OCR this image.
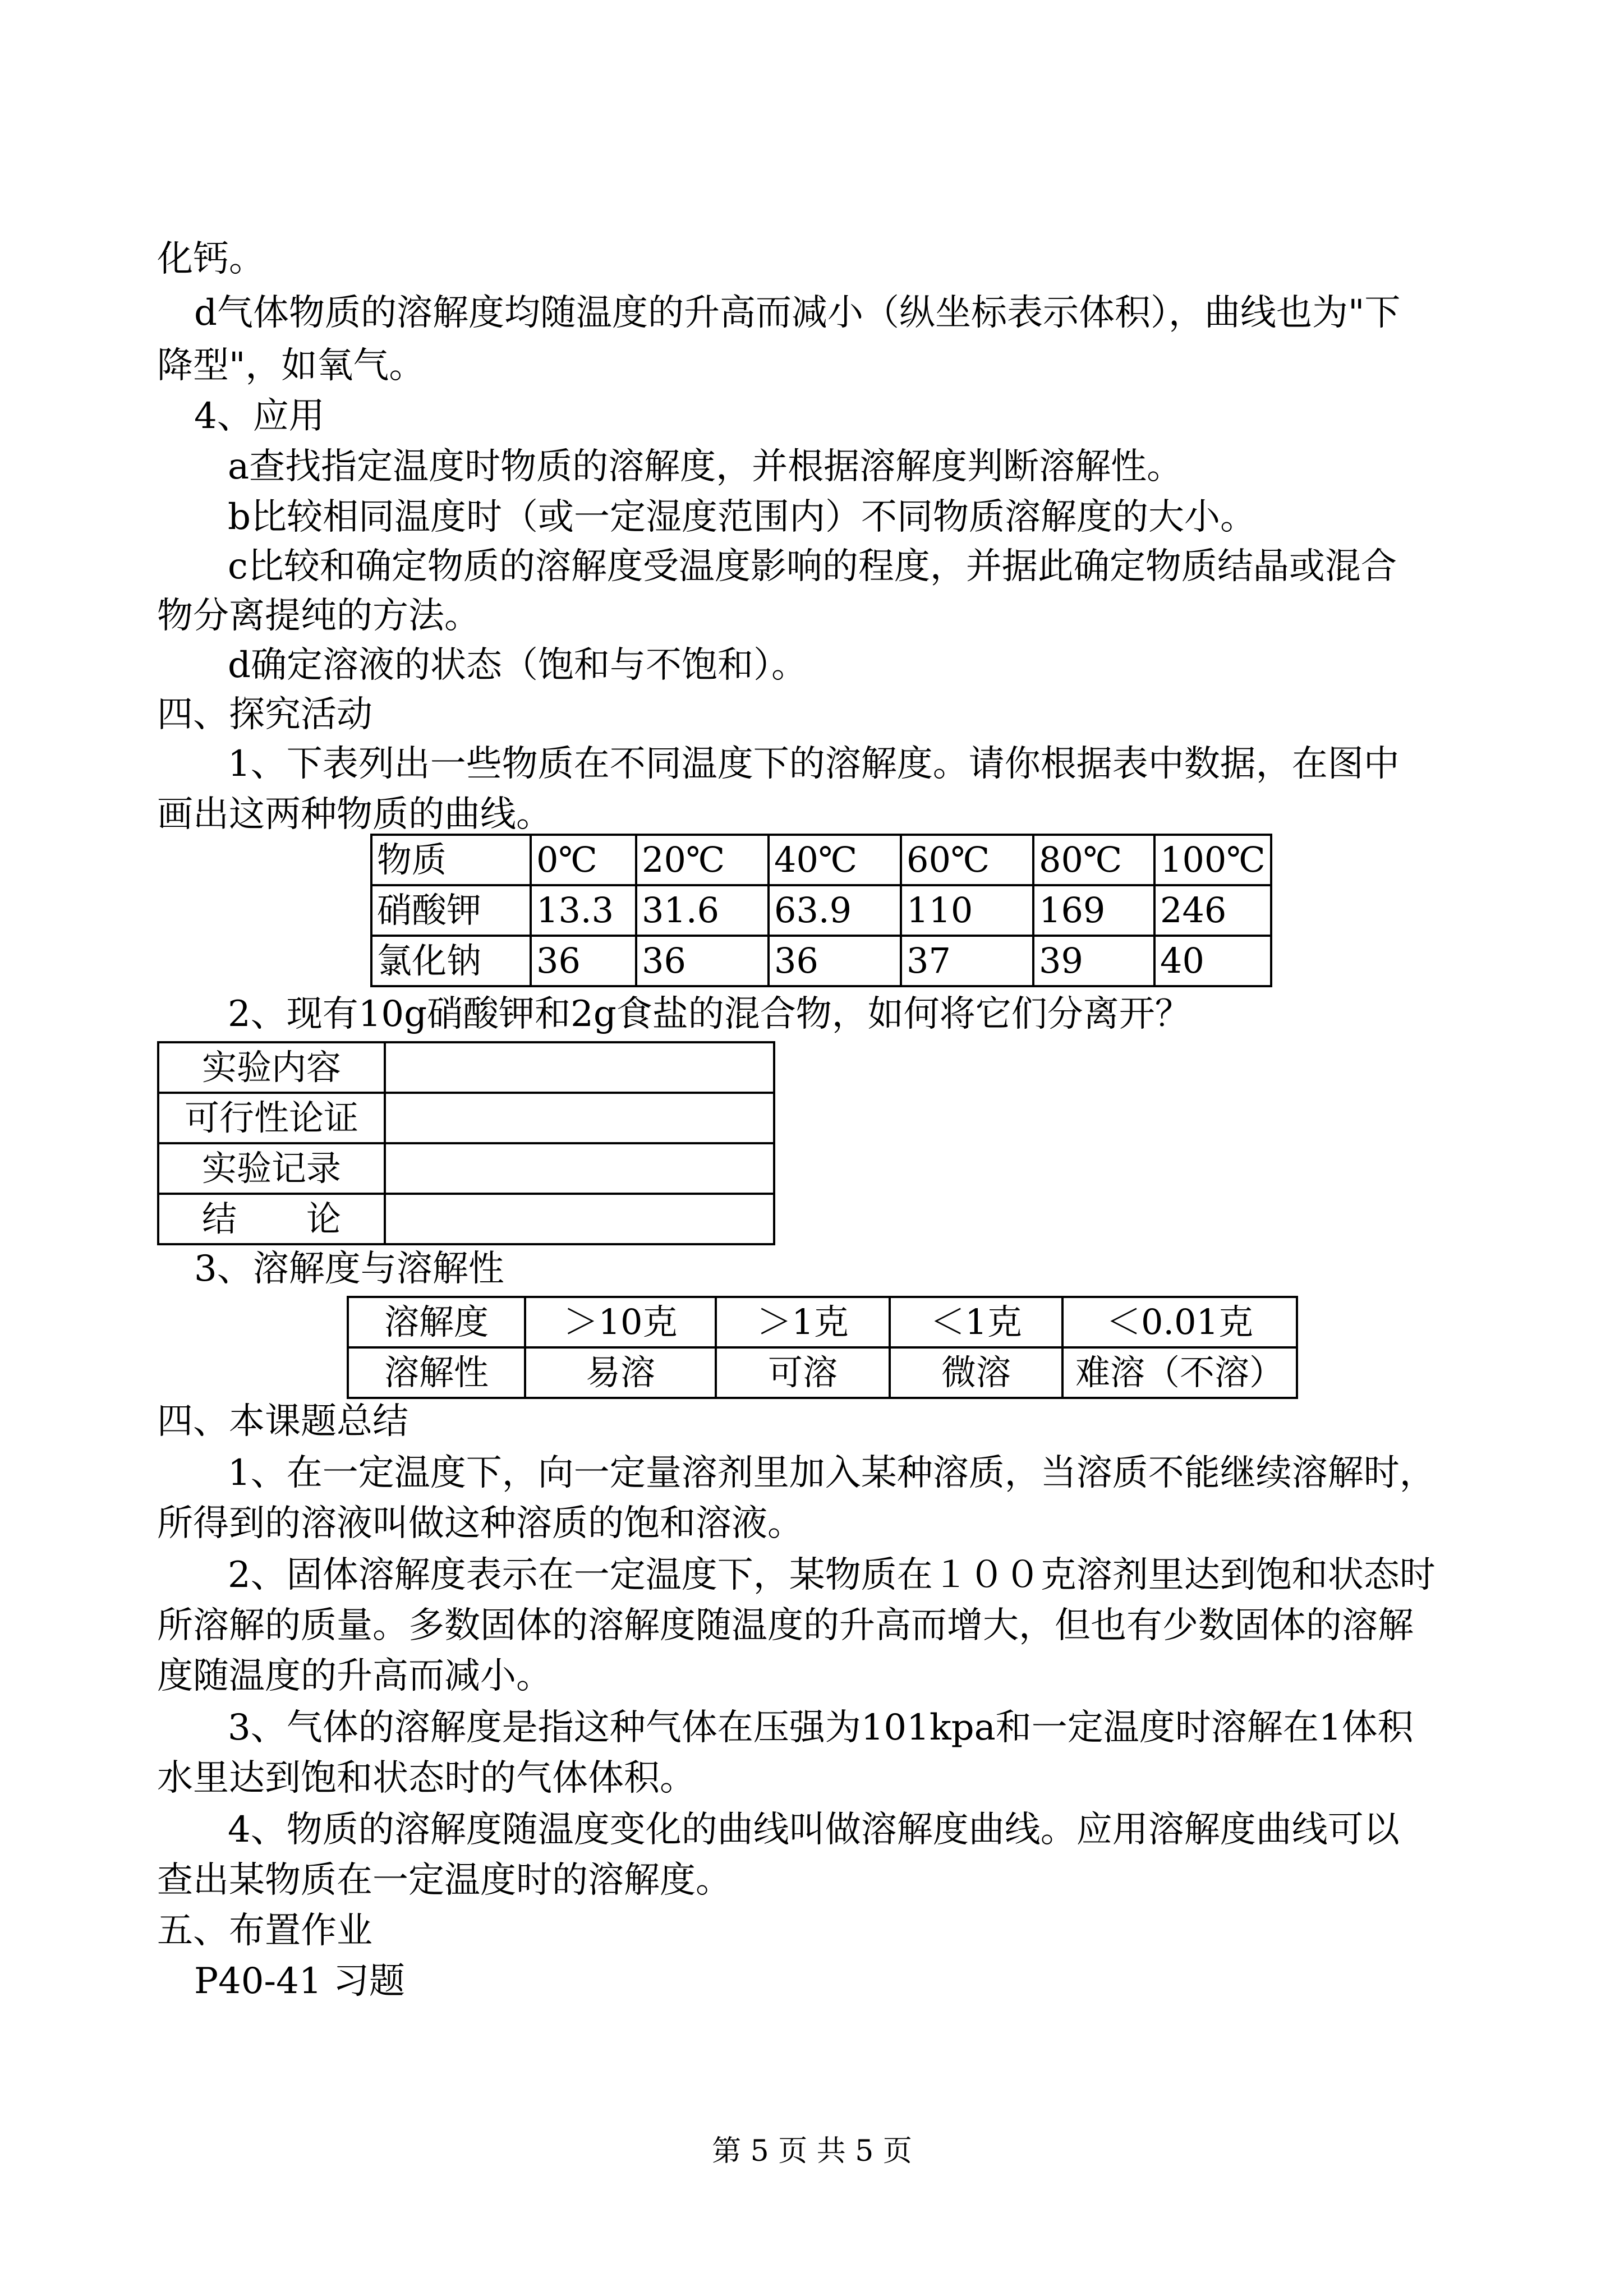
化钙。
d气体物质的溶解度均随温度的升高而减小（纵坐标表示体积），曲线也为"下
降型"，如氧气。
4、应用
a查找指定温度时物质的溶解度，并根据溶解度判断溶解性。
b比较相同温度时（或一定湿度范围内）不同物质溶解度的大小。
c比较和确定物质的溶解度受温度影响的程度，并据此确定物质结晶或混合
物分离提纯的方法。
d确定溶液的状态（饱和与不饱和）。
四、探究活动
1、下表列出一些物质在不同温度下的溶解度。请你根据表中数据，在图中
画出这两种物质的曲线。
物质	0℃	20℃	40℃	60℃	80℃	100℃
硝酸钾	13.3	31.6	63.9	110	169	246
氯化钠	36	36	36	37	39	40
2、现有10g硝酸钾和2g食盐的混合物，如何将它们分离开？
实验内容	
可行性论证	
实验记录	
结　　论	
3、溶解度与溶解性
溶解度	＞10克	＞1克	＜1克	＜0.01克
溶解性	易溶	可溶	微溶	难溶（不溶）
四、本课题总结
1、在一定温度下，向一定量溶剂里加入某种溶质，当溶质不能继续溶解时，
所得到的溶液叫做这种溶质的饱和溶液。
2、固体溶解度表示在一定温度下，某物质在１００克溶剂里达到饱和状态时
所溶解的质量。多数固体的溶解度随温度的升高而增大，但也有少数固体的溶解
度随温度的升高而减小。
3、气体的溶解度是指这种气体在压强为101kpa和一定温度时溶解在1体积
水里达到饱和状态时的气体体积。
4、物质的溶解度随温度变化的曲线叫做溶解度曲线。应用溶解度曲线可以
查出某物质在一定温度时的溶解度。
五、布置作业
P40-41 习题
第 5 页 共 5 页
